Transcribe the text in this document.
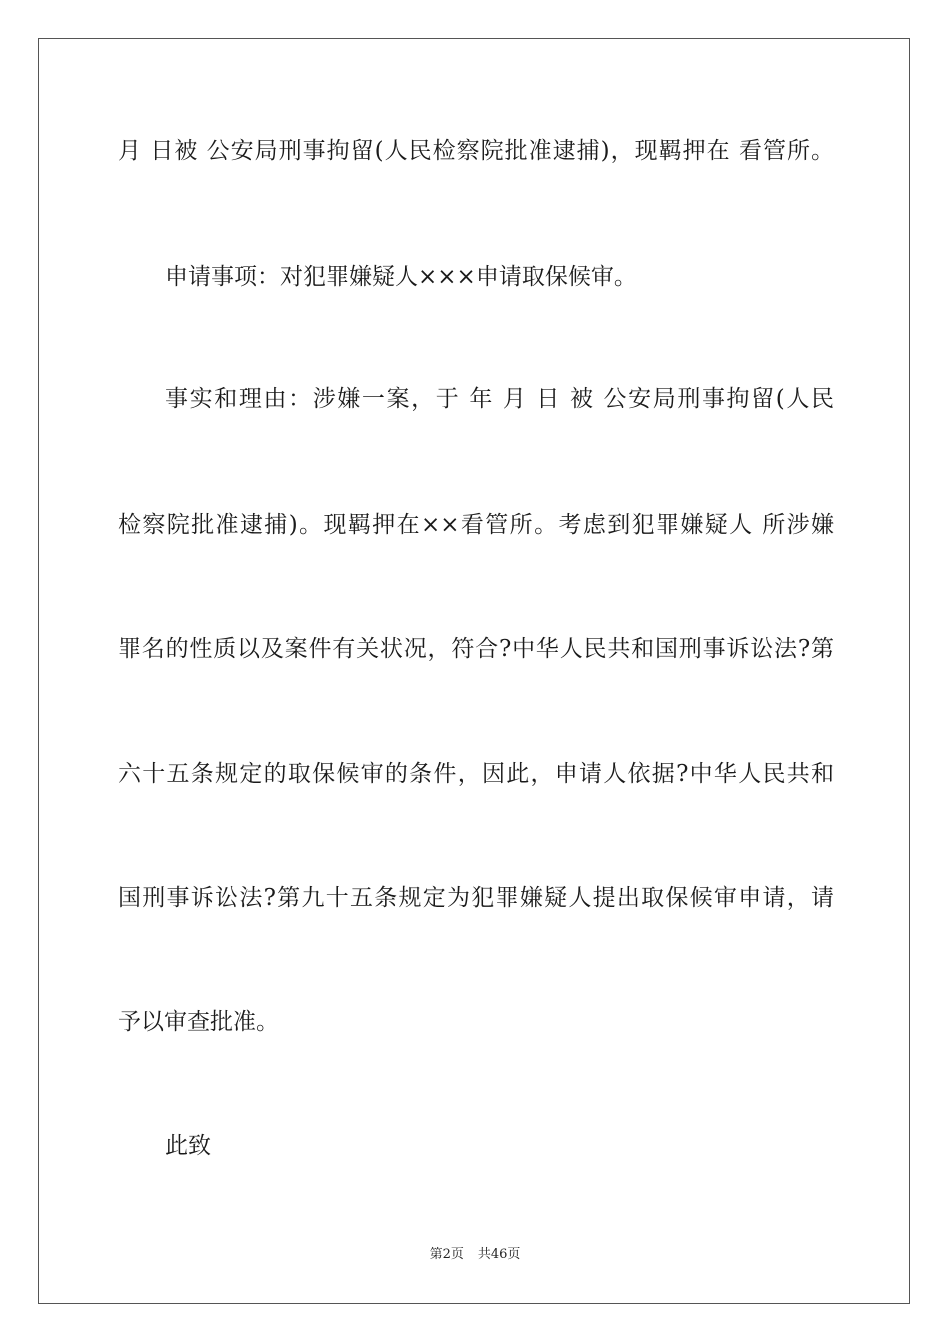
月 日被 公安局刑事拘留(人民检察院批准逮捕)，现羁押在 看管所。
申请事项：对犯罪嫌疑人×××申请取保候审。
事实和理由：涉嫌一案，于 年 月 日 被 公安局刑事拘留(人民
检察院批准逮捕)。现羁押在××看管所。考虑到犯罪嫌疑人 所涉嫌
罪名的性质以及案件有关状况，符合?中华人民共和国刑事诉讼法?第
六十五条规定的取保候审的条件，因此，申请人依据?中华人民共和
国刑事诉讼法?第九十五条规定为犯罪嫌疑人提出取保候审申请，请
予以审查批准。
此致
第2页 共46页
